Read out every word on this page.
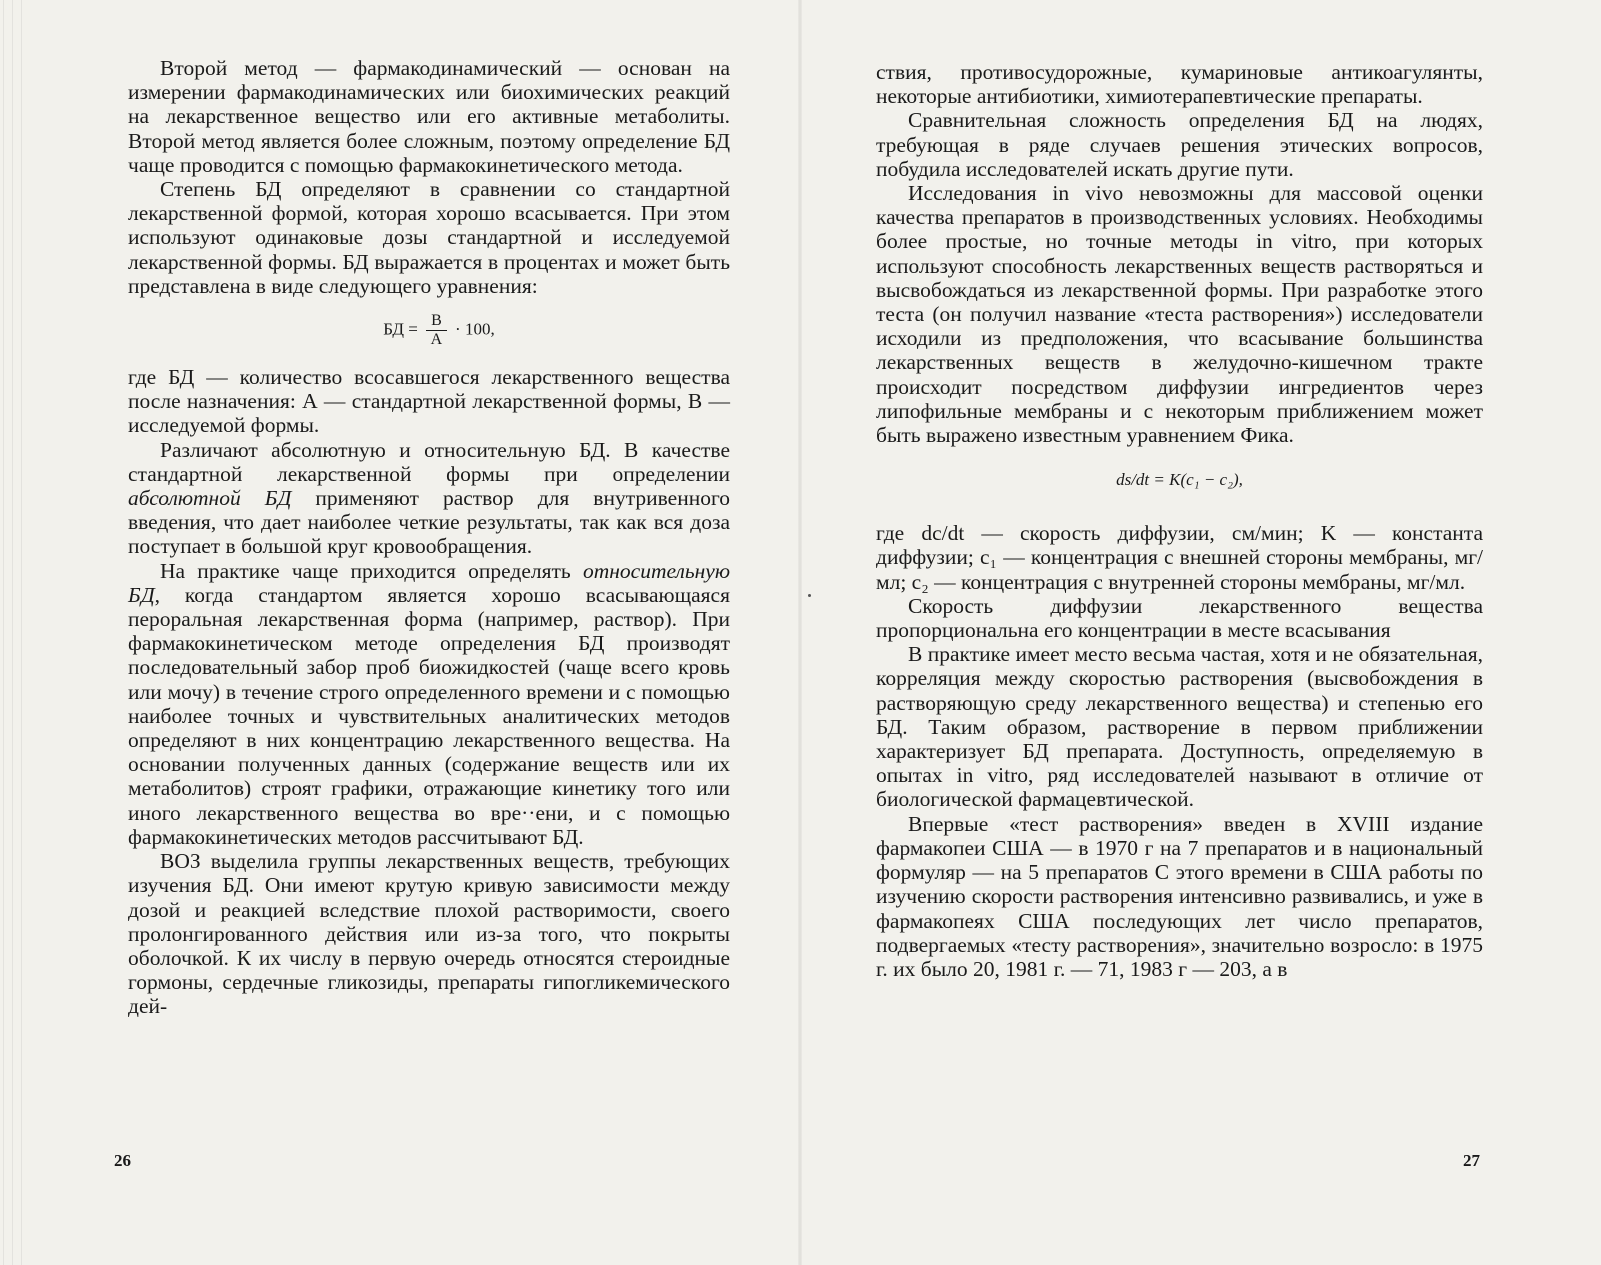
Второй метод — фармакодинамический — основан на измерении фармакодинамических или биохимических реакций на лекарственное вещество или его активные метаболиты. Второй метод является более сложным, поэтому определение БД чаще проводится с помощью фармакокинетического метода.

Степень БД определяют в сравнении со стандартной лекарственной формой, которая хорошо всасывается. При этом используют одинаковые дозы стандартной и исследуемой лекарственной формы. БД выражается в процентах и может быть представлена в виде следующего уравнения:

БД = $\frac{В}{А} \cdot 100$,

где БД — количество всосавшегося лекарственного вещества после назначения: А — стандартной лекарственной формы, В — исследуемой формы.

Различают абсолютную и относительную БД. В качестве стандартной лекарственной формы при определении абсолютной БД применяют раствор для внутривенного введения, что дает наиболее четкие результаты, так как вся доза поступает в большой круг кровообращения.

На практике чаще приходится определять относительную БД, когда стандартом является хорошо всасывающаяся пероральная лекарственная форма (например, раствор). При фармакокинетическом методе определения БД производят последовательный забор проб биожидкостей (чаще всего кровь или мочу) в течение строго определенного времени и с помощью наиболее точных и чувствительных аналитических методов определяют в них концентрацию лекарственного вещества. На основании полученных данных (содержание веществ или их метаболитов) строят графики, отражающие кинетику того или иного лекарственного вещества во вре··ени, и с помощью фармакокинетических методов рассчитывают БД.

ВОЗ выделила группы лекарственных веществ, требующих изучения БД. Они имеют крутую кривую зависимости между дозой и реакцией вследствие плохой растворимости, своего пролонгированного действия или из-за того, что покрыты оболочкой. К их числу в первую очередь относятся стероидные гормоны, сердечные гликозиды, препараты гипогликемического дей-

26

ствия, противосудорожные, кумариновые антикоагулянты, некоторые антибиотики, химиотерапевтические препараты.

Сравнительная сложность определения БД на людях, требующая в ряде случаев решения этических вопросов, побудила исследователей искать другие пути.

Исследования in vivo невозможны для массовой оценки качества препаратов в производственных условиях. Необходимы более простые, но точные методы in vitro, при которых используют способность лекарственных веществ растворяться и высвобождаться из лекарственной формы. При разработке этого теста (он получил название «теста растворения») исследователи исходили из предположения, что всасывание большинства лекарственных веществ в желудочно-кишечном тракте происходит посредством диффузии ингредиентов через липофильные мембраны и с некоторым приближением может быть выражено известным уравнением Фика.

ds/dt = K(c₁ − c₂),

где dc/dt — скорость диффузии, см/мин; K — константа диффузии; c₁ — концентрация с внешней стороны мембраны, мг/мл; c₂ — концентрация с внутренней стороны мембраны, мг/мл.

Скорость диффузии лекарственного вещества пропорциональна его концентрации в месте всасывания

В практике имеет место весьма частая, хотя и не обязательная, корреляция между скоростью растворения (высвобождения в растворяющую среду лекарственного вещества) и степенью его БД. Таким образом, растворение в первом приближении характеризует БД препарата. Доступность, определяемую в опытах in vitro, ряд исследователей называют в отличие от биологической фармацевтической.

Впервые «тест растворения» введен в XVIII издание фармакопеи США — в 1970 г на 7 препаратов и в национальный формуляр — на 5 препаратов С этого времени в США работы по изучению скорости растворения интенсивно развивались, и уже в фармакопеях США последующих лет число препаратов, подвергаемых «тесту растворения», значительно возросло: в 1975 г. их было 20, 1981 г. — 71, 1983 г — 203, а в

27
